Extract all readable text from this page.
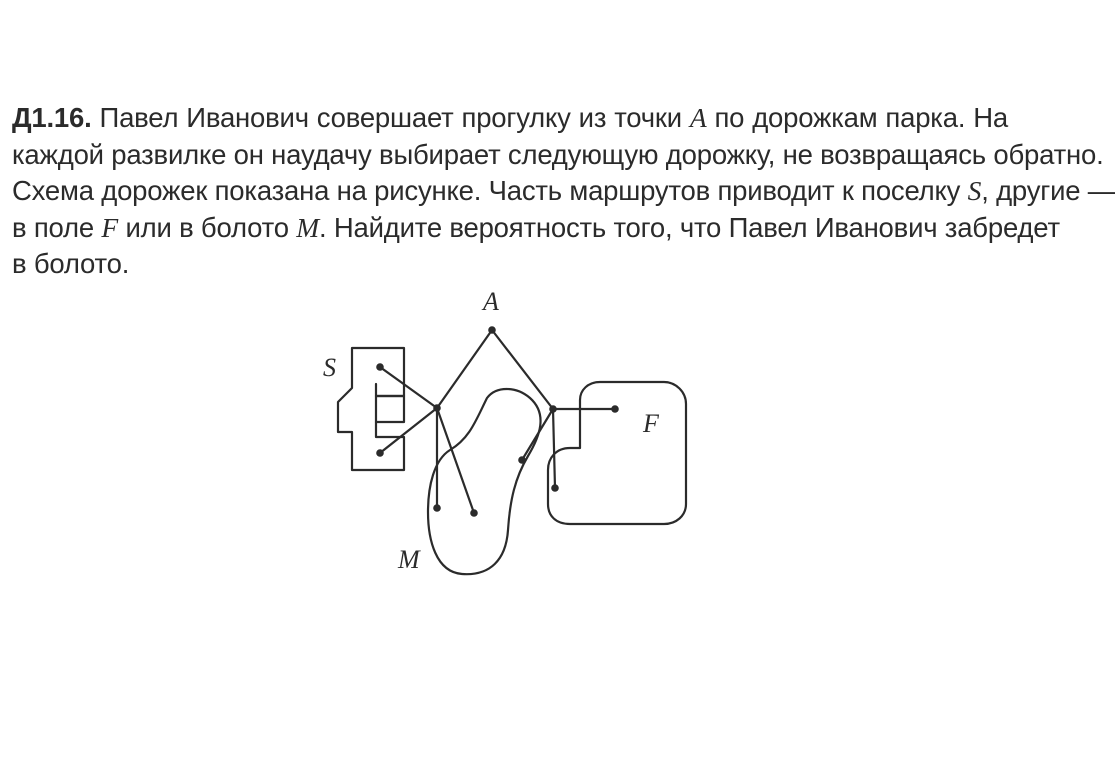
Д1.16. Павел Иванович совершает прогулку из точки A по дорожкам парка. На
каждой развилке он наудачу выбирает следующую дорожку, не возвращаясь обратно.
Схема дорожек показана на рисунке. Часть маршрутов приводит к поселку S, другие —
в поле F или в болото M. Найдите вероятность того, что Павел Иванович забредет
в болото.
A
S
F
M
